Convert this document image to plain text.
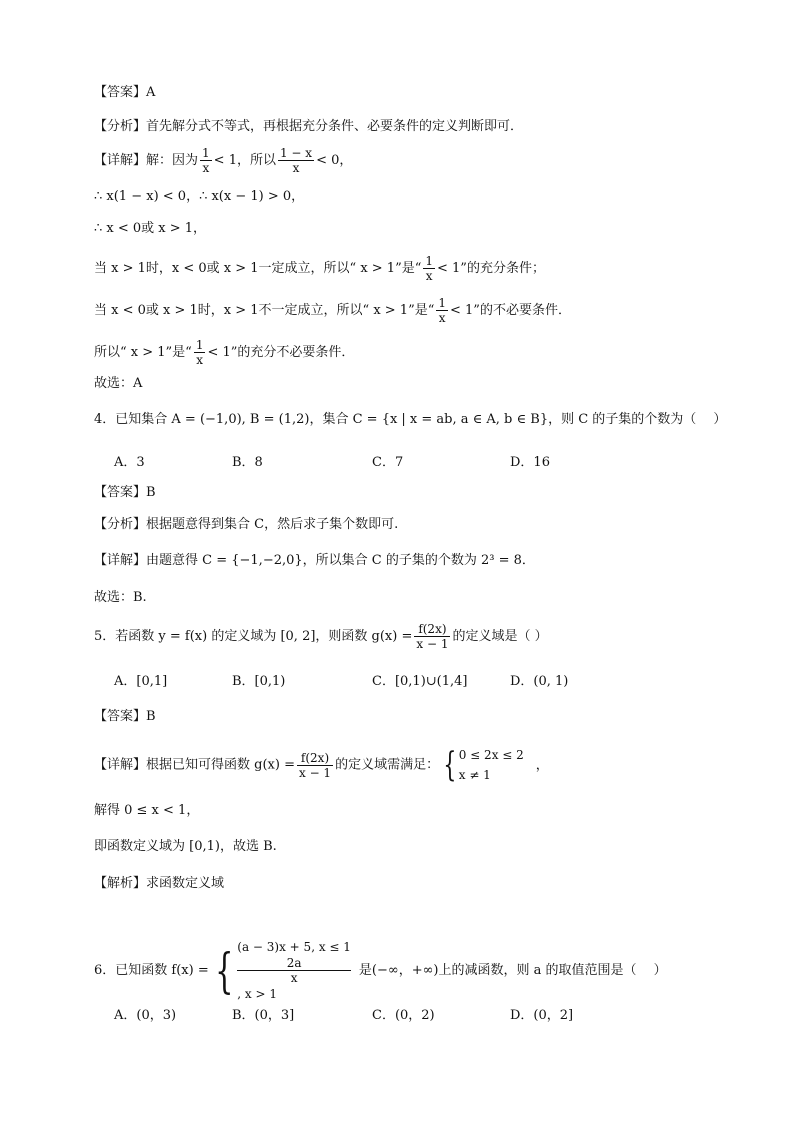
【答案】A
【分析】首先解分式不等式，再根据充分条件、必要条件的定义判断即可．
【详解】解：因为 $\frac{1}{x} < 1$，所以 $\frac{1 - x}{x} < 0$，
∴ x(1 − x) < 0，∴ x(x − 1) > 0，
∴ x < 0或 x > 1，
当 x > 1时，x < 0或 x > 1一定成立，所以“ x > 1”是“ $\frac{1}{x} < 1$”的充分条件；
当 x < 0或 x > 1时，x > 1不一定成立，所以“ x > 1”是“ $\frac{1}{x} < 1$”的不必要条件．
所以“ x > 1”是“ $\frac{1}{x} < 1$”的充分不必要条件．
故选：A
4．已知集合 A = (−1,0), B = (1,2)，集合 C = {x | x = ab, a ∈ A, b ∈ B}，则 C 的子集的个数为（　 ）
A．3	B．8	C．7	D．16
【答案】B
【分析】根据题意得到集合 C，然后求子集个数即可.
【详解】由题意得 C = {−1,−2,0}，所以集合 C 的子集的个数为 2³ = 8．
故选：B.
5．若函数 y = f(x) 的定义域为 [0, 2]，则函数 $g(x) = \frac{f(2x)}{x - 1}$ 的定义域是（ ）
A．[0,1]	B．[0,1)	C．[0,1)∪(1,4]	D．(0, 1)
【答案】B
【详解】根据已知可得函数 $g(x) = \frac{f(2x)}{x - 1}$ 的定义域需满足： { 0 ≤ 2x ≤ 2
x ≠ 1
，
解得 0 ≤ x < 1，
即函数定义域为 [0,1)，故选 B.
【解析】求函数定义域
6．已知函数 f(x) = { (a − 3)x + 5, x ≤ 1
2a
x
, x > 1
是(−∞，+∞)上的减函数，则 a 的取值范围是（　 ）
A．(0，3)	B．(0，3]	C．(0，2)	D．(0，2]
